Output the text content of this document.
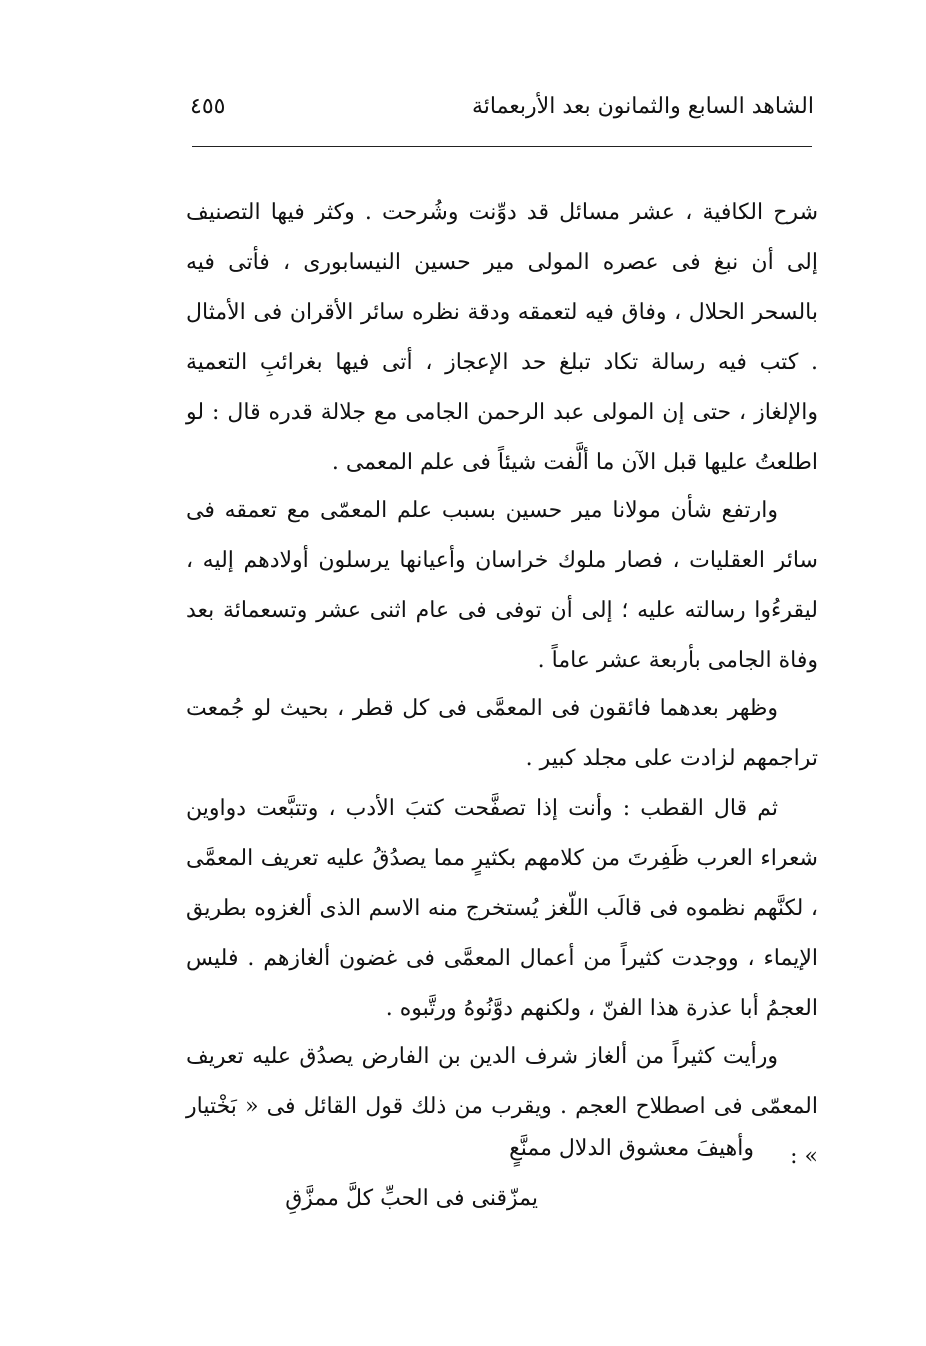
الشاهد السابع والثمانون بعد الأربعمائة
٤٥٥

شرح الكافية ، عشر مسائل قد دوِّنت وشُرحت . وكثر فيها التصنيف إلى أن نبغ فى عصره المولى مير حسين النيسابورى ، فأتى فيه بالسحر الحلال ، وفاق فيه لتعمقه ودقة نظره سائر الأقران فى الأمثال . كتب فيه رسالة تكاد تبلغ حد الإعجاز ، أتى فيها بغرائبِ التعمية والإلغاز ، حتى إن المولى عبد الرحمن الجامى مع جلالة قدره قال : لو اطلعتُ عليها قبل الآن ما ألَّفت شيئاً فى علم المعمى .

وارتفع شأن مولانا مير حسين بسبب علم المعمّى مع تعمقه فى سائر العقليات ، فصار ملوك خراسان وأعيانها يرسلون أولادهم إليه ، ليقرءُوا رسالته عليه ؛ إلى أن توفى فى عام اثنى عشر وتسعمائة بعد وفاة الجامى بأربعة عشر عاماً .

وظهر بعدهما فائقون فى المعمَّى فى كل قطر ، بحيث لو جُمعت تراجمهم لزادت على مجلد كبير .

ثم قال القطب : وأنت إذا تصفَّحت كتبَ الأدب ، وتتبَّعت دواوين شعراء العرب ظَفِرتَ من كلامهم بكثيرٍ مما يصدُقُ عليه تعريف المعمَّى ، لكنَّهم نظموه فى قالَب اللّغز يُستخرج منه الاسم الذى ألغزوه بطريق الإيماء ، ووجدت كثيراً من أعمال المعمَّى فى غضون ألغازهم . فليس العجمُ أبا عذرة هذا الفنّ ، ولكنهم دوَّنُوهُ ورتَّبوه .

ورأيت كثيراً من ألغاز شرف الدين بن الفارض يصدُق عليه تعريف المعمّى فى اصطلاح العجم . ويقرب من ذلك قول القائل فى « بَخْتيار » :

وأهيفَ معشوق الدلال ممنَّعٍ
يمزّقنى فى الحبِّ كلَّ ممزَّقِ
